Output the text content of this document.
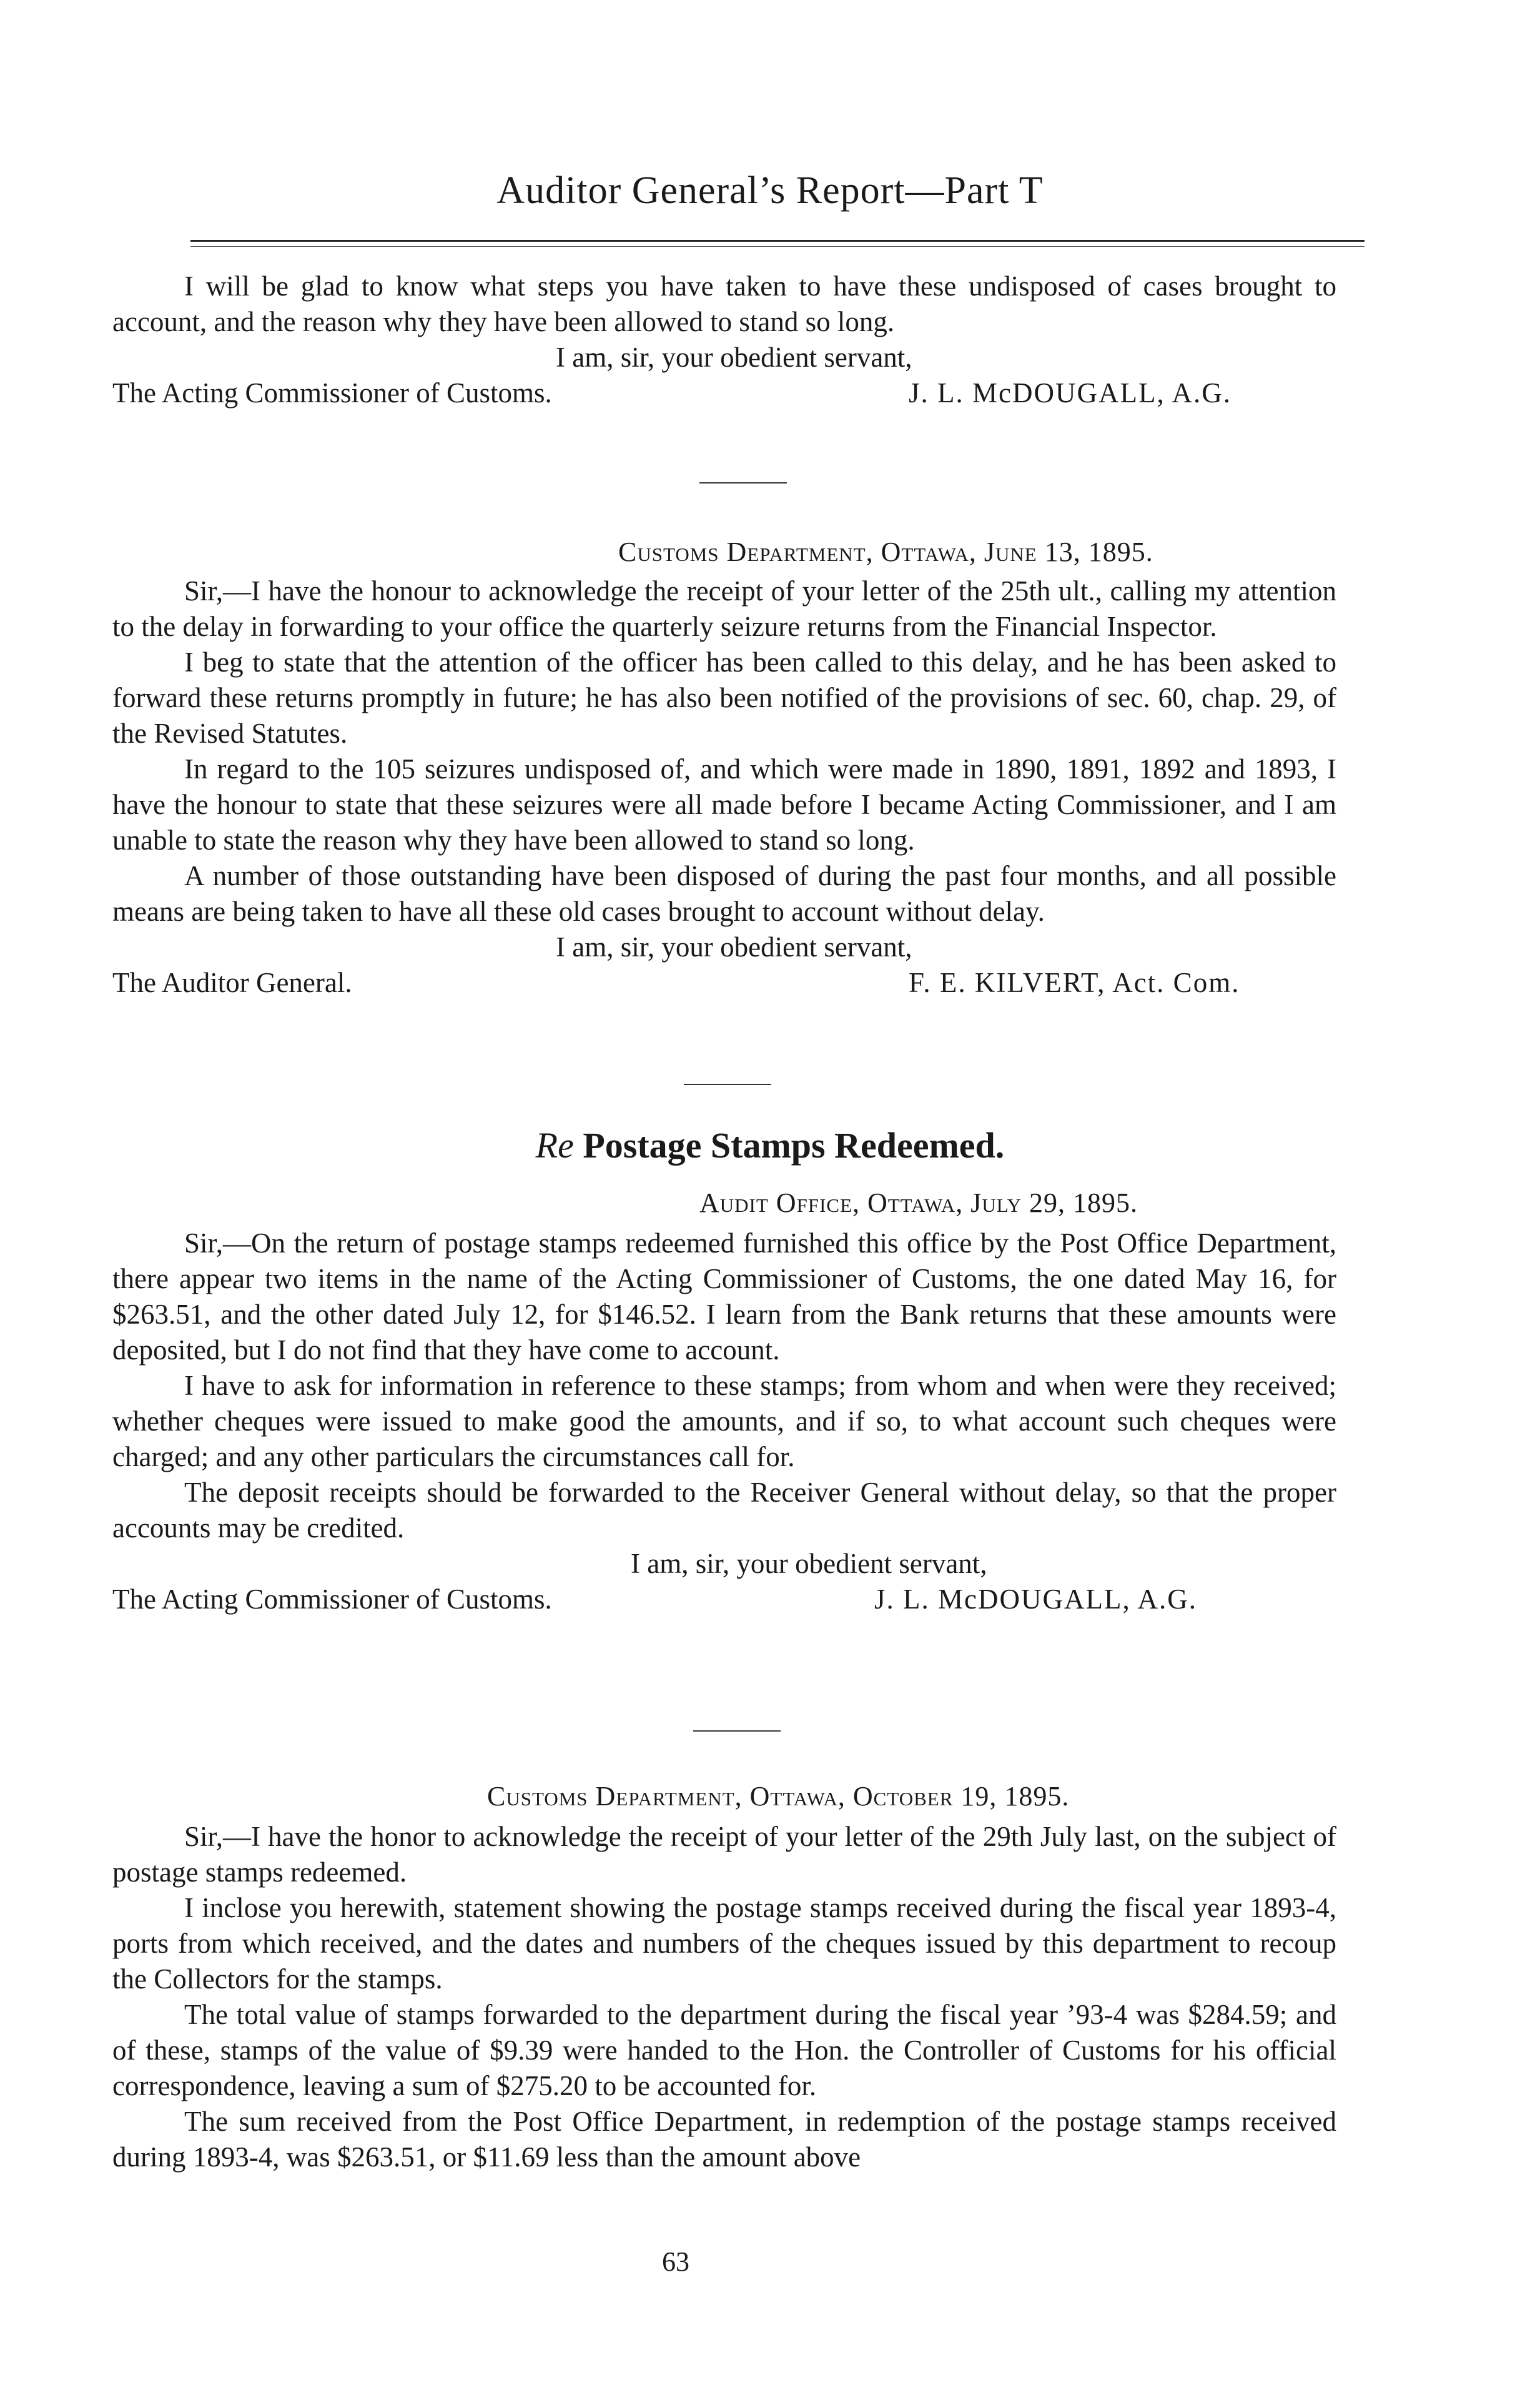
Auditor General’s Report—Part T

I will be glad to know what steps you have taken to have these undisposed of cases brought to account, and the reason why they have been allowed to stand so long.

I am, sir, your obedient servant,

The Acting Commissioner of Customs.	J. L. McDOUGALL, A.G.
Customs Department, Ottawa, June 13, 1895.

Sir,—I have the honour to acknowledge the receipt of your letter of the 25th ult., calling my attention to the delay in forwarding to your office the quarterly seizure returns from the Financial Inspector.

I beg to state that the attention of the officer has been called to this delay, and he has been asked to forward these returns promptly in future; he has also been notified of the provisions of sec. 60, chap. 29, of the Revised Statutes.

In regard to the 105 seizures undisposed of, and which were made in 1890, 1891, 1892 and 1893, I have the honour to state that these seizures were all made before I became Acting Commissioner, and I am unable to state the reason why they have been allowed to stand so long.

A number of those outstanding have been disposed of during the past four months, and all possible means are being taken to have all these old cases brought to account without delay.

I am, sir, your obedient servant,

The Auditor General.	F. E. KILVERT, Act. Com.
Re Postage Stamps Redeemed.
Audit Office, Ottawa, July 29, 1895.

Sir,—On the return of postage stamps redeemed furnished this office by the Post Office Department, there appear two items in the name of the Acting Commissioner of Customs, the one dated May 16, for $263.51, and the other dated July 12, for $146.52. I learn from the Bank returns that these amounts were deposited, but I do not find that they have come to account.

I have to ask for information in reference to these stamps; from whom and when were they received; whether cheques were issued to make good the amounts, and if so, to what account such cheques were charged; and any other particulars the circumstances call for.

The deposit receipts should be forwarded to the Receiver General without delay, so that the proper accounts may be credited.

I am, sir, your obedient servant,

The Acting Commissioner of Customs.	J. L. McDOUGALL, A.G.
Customs Department, Ottawa, October 19, 1895.

Sir,—I have the honor to acknowledge the receipt of your letter of the 29th July last, on the subject of postage stamps redeemed.

I inclose you herewith, statement showing the postage stamps received during the fiscal year 1893-4, ports from which received, and the dates and numbers of the cheques issued by this department to recoup the Collectors for the stamps.

The total value of stamps forwarded to the department during the fiscal year ’93-4 was $284.59; and of these, stamps of the value of $9.39 were handed to the Hon. the Controller of Customs for his official correspondence, leaving a sum of $275.20 to be accounted for.

The sum received from the Post Office Department, in redemption of the postage stamps received during 1893-4, was $263.51, or $11.69 less than the amount above

63
